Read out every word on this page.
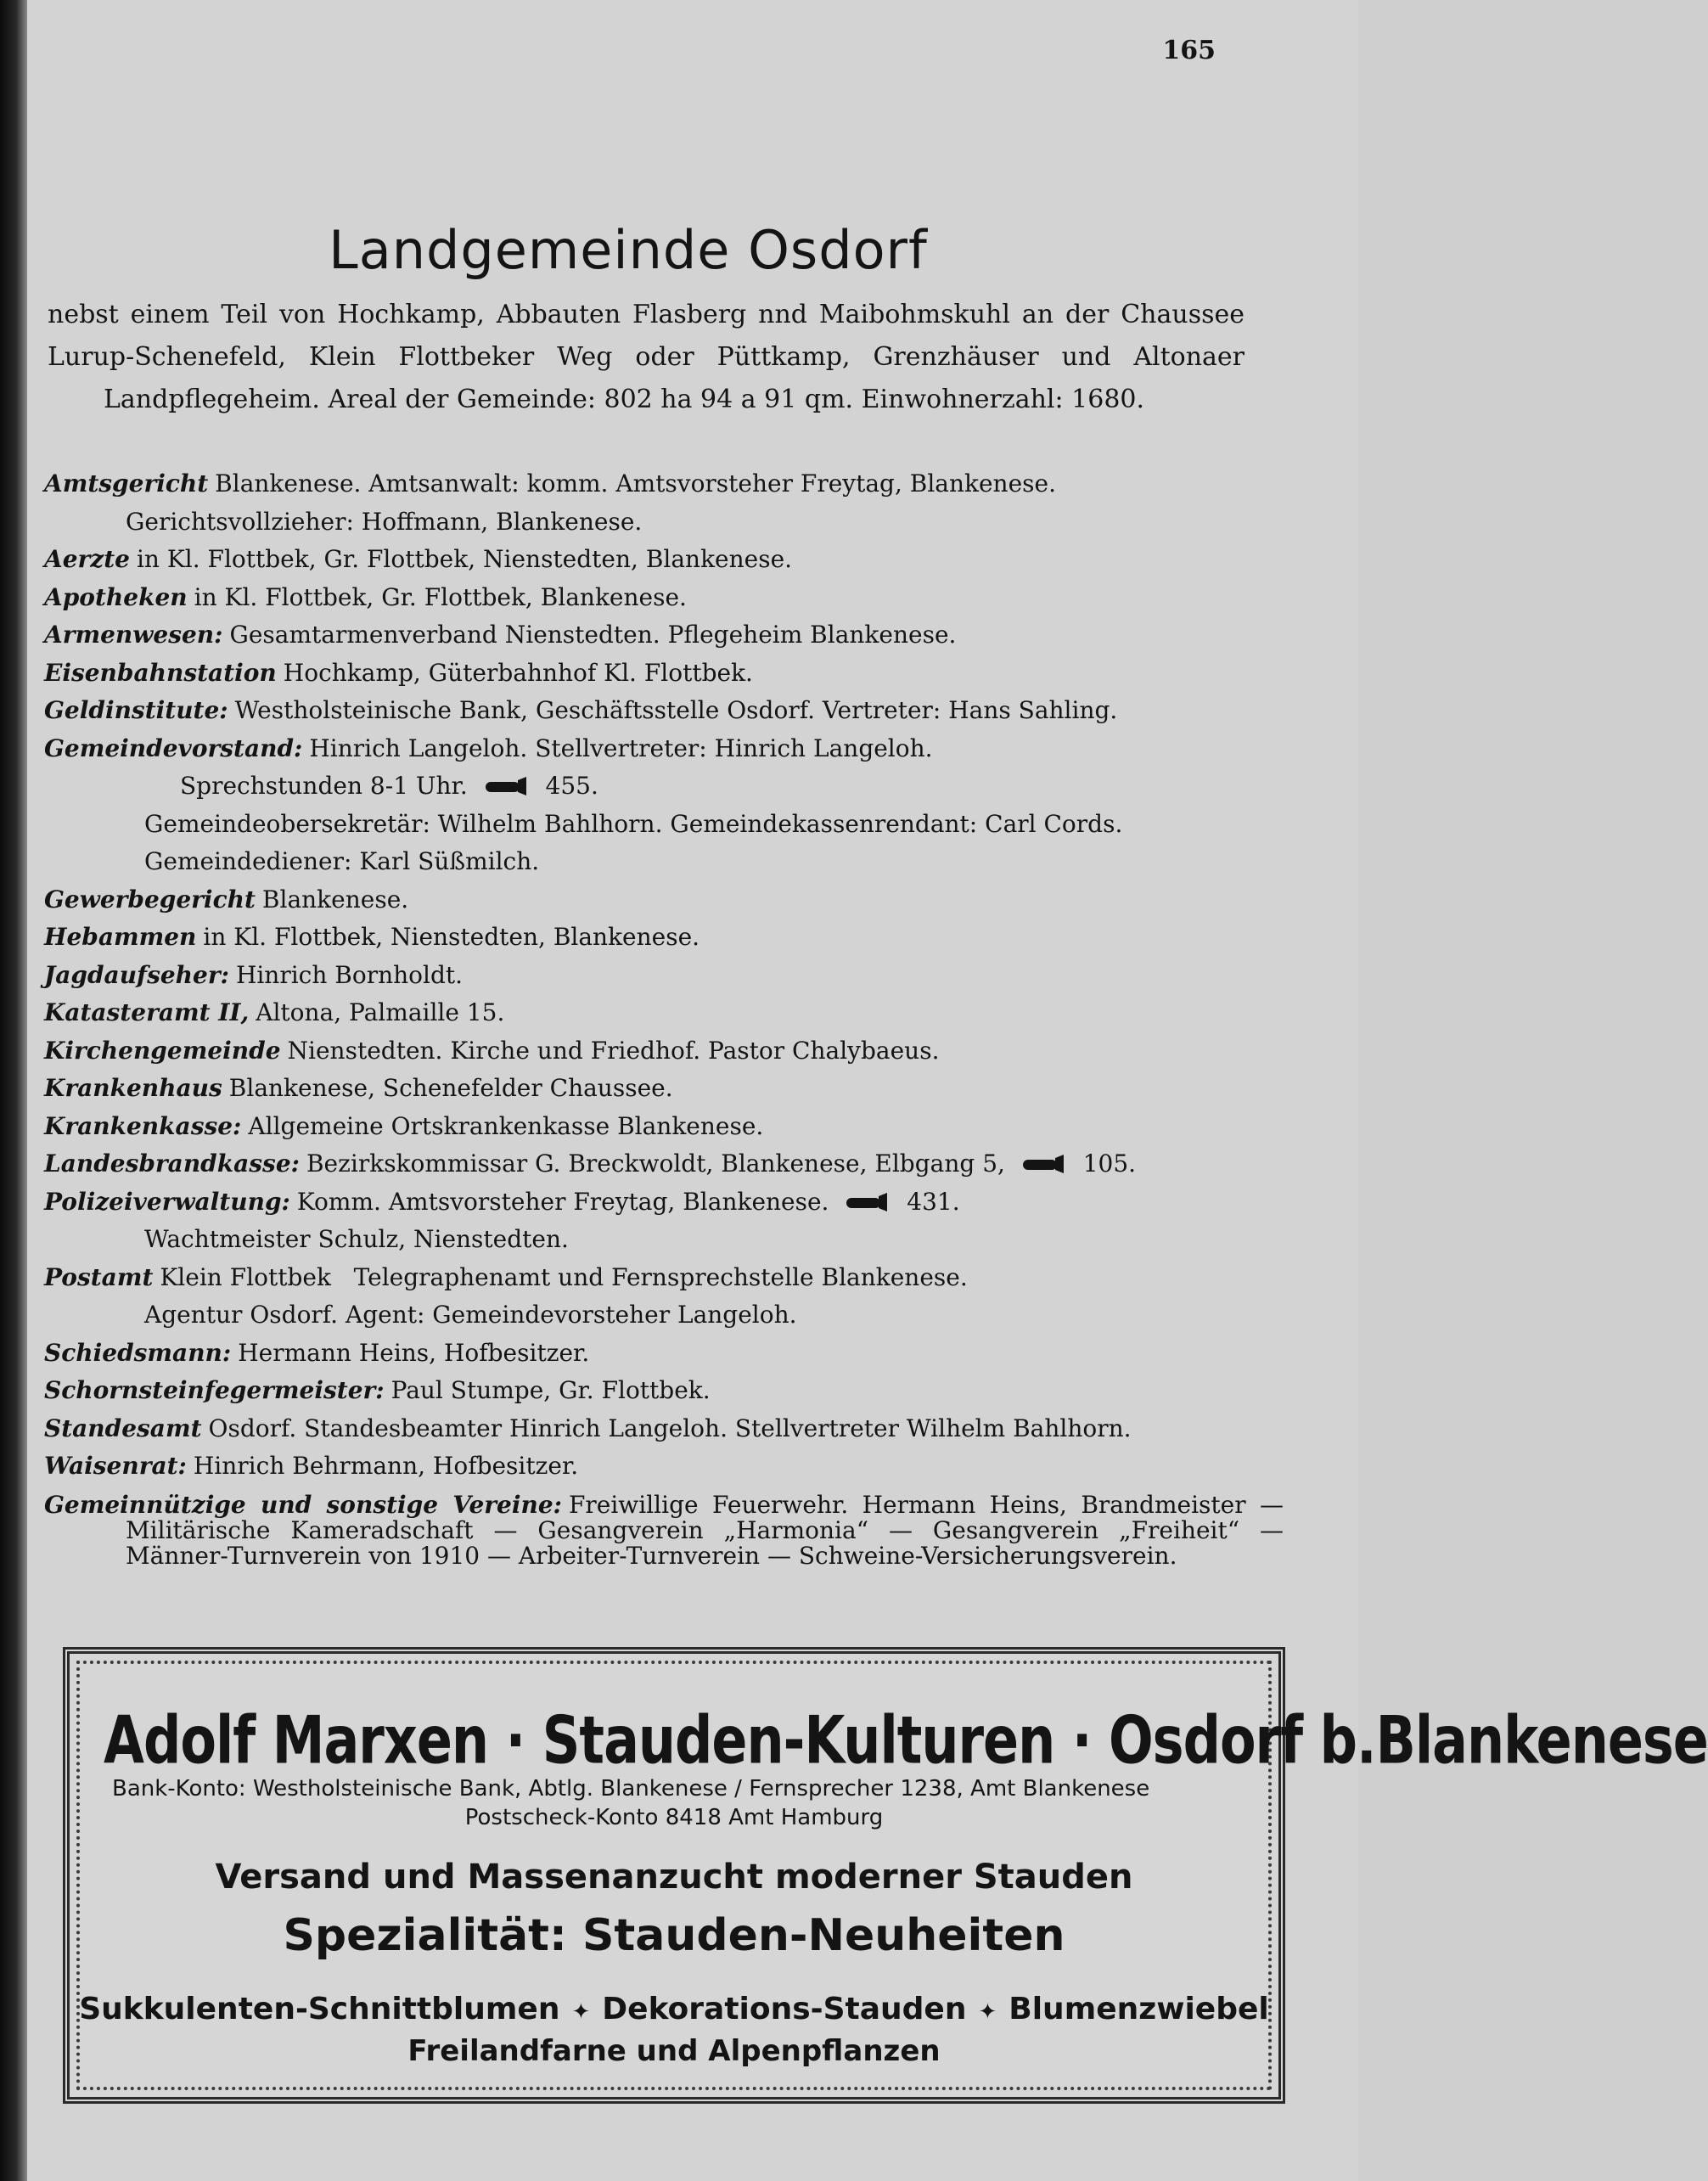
165
Landgemeinde Osdorf

nebst einem Teil von Hochkamp, Abbauten Flasberg nnd Maibohmskuhl an der Chaussee

Lurup-Schenefeld, Klein Flottbeker Weg oder Püttkamp, Grenzhäuser und Altonaer

Landpflegeheim. Areal der Gemeinde: 802 ha 94 a 91 qm. Einwohnerzahl: 1680.

Amtsgericht Blankenese. Amtsanwalt: komm. Amtsvorsteher Freytag, Blankenese.
Gerichtsvollzieher: Hoffmann, Blankenese.
Aerzte in Kl. Flottbek, Gr. Flottbek, Nienstedten, Blankenese.
Apotheken in Kl. Flottbek, Gr. Flottbek, Blankenese.
Armenwesen: Gesamtarmenverband Nienstedten. Pflegeheim Blankenese.
Eisenbahnstation Hochkamp, Güterbahnhof Kl. Flottbek.
Geldinstitute: Westholsteinische Bank, Geschäftsstelle Osdorf. Vertreter: Hans Sahling.
Gemeindevorstand: Hinrich Langeloh. Stellvertreter: Hinrich Langeloh.
Sprechstunden 8-1 Uhr.	455.
Gemeindeobersekretär: Wilhelm Bahlhorn. Gemeindekassenrendant: Carl Cords.
Gemeindediener: Karl Süßmilch.
Gewerbegericht Blankenese.
Hebammen in Kl. Flottbek, Nienstedten, Blankenese.
Jagdaufseher: Hinrich Bornholdt.
Katasteramt II, Altona, Palmaille 15.
Kirchengemeinde Nienstedten. Kirche und Friedhof. Pastor Chalybaeus.
Krankenhaus Blankenese, Schenefelder Chaussee.
Krankenkasse: Allgemeine Ortskrankenkasse Blankenese.
Landesbrandkasse: Bezirkskommissar G. Breckwoldt, Blankenese, Elbgang 5,	105.
Polizeiverwaltung: Komm. Amtsvorsteher Freytag, Blankenese.	431.
Wachtmeister Schulz, Nienstedten.
Postamt Klein Flottbek   Telegraphenamt und Fernsprechstelle Blankenese.
Agentur Osdorf. Agent: Gemeindevorsteher Langeloh.
Schiedsmann: Hermann Heins, Hofbesitzer.
Schornsteinfegermeister: Paul Stumpe, Gr. Flottbek.
Standesamt Osdorf. Standesbeamter Hinrich Langeloh. Stellvertreter Wilhelm Bahlhorn.
Waisenrat: Hinrich Behrmann, Hofbesitzer.
Gemeinnützige und sonstige Vereine: Freiwillige Feuerwehr. Hermann Heins, Brandmeister — Militärische Kameradschaft — Gesangverein „Harmonia“ — Gesangverein „Freiheit“ — Männer-Turnverein von 1910 — Arbeiter-Turnverein — Schweine-Versicherungsverein.
Adolf Marxen · Stauden-Kulturen · Osdorf b.Blankenese
Bank-Konto: Westholsteinische Bank, Abtlg. Blankenese / Fernsprecher 1238, Amt Blankenese
Postscheck-Konto 8418 Amt Hamburg
Versand und Massenanzucht moderner Stauden
Spezialität: Stauden-Neuheiten
Sukkulenten-Schnittblumen ✦ Dekorations-Stauden ✦ Blumenzwiebel
Freilandfarne und Alpenpflanzen
